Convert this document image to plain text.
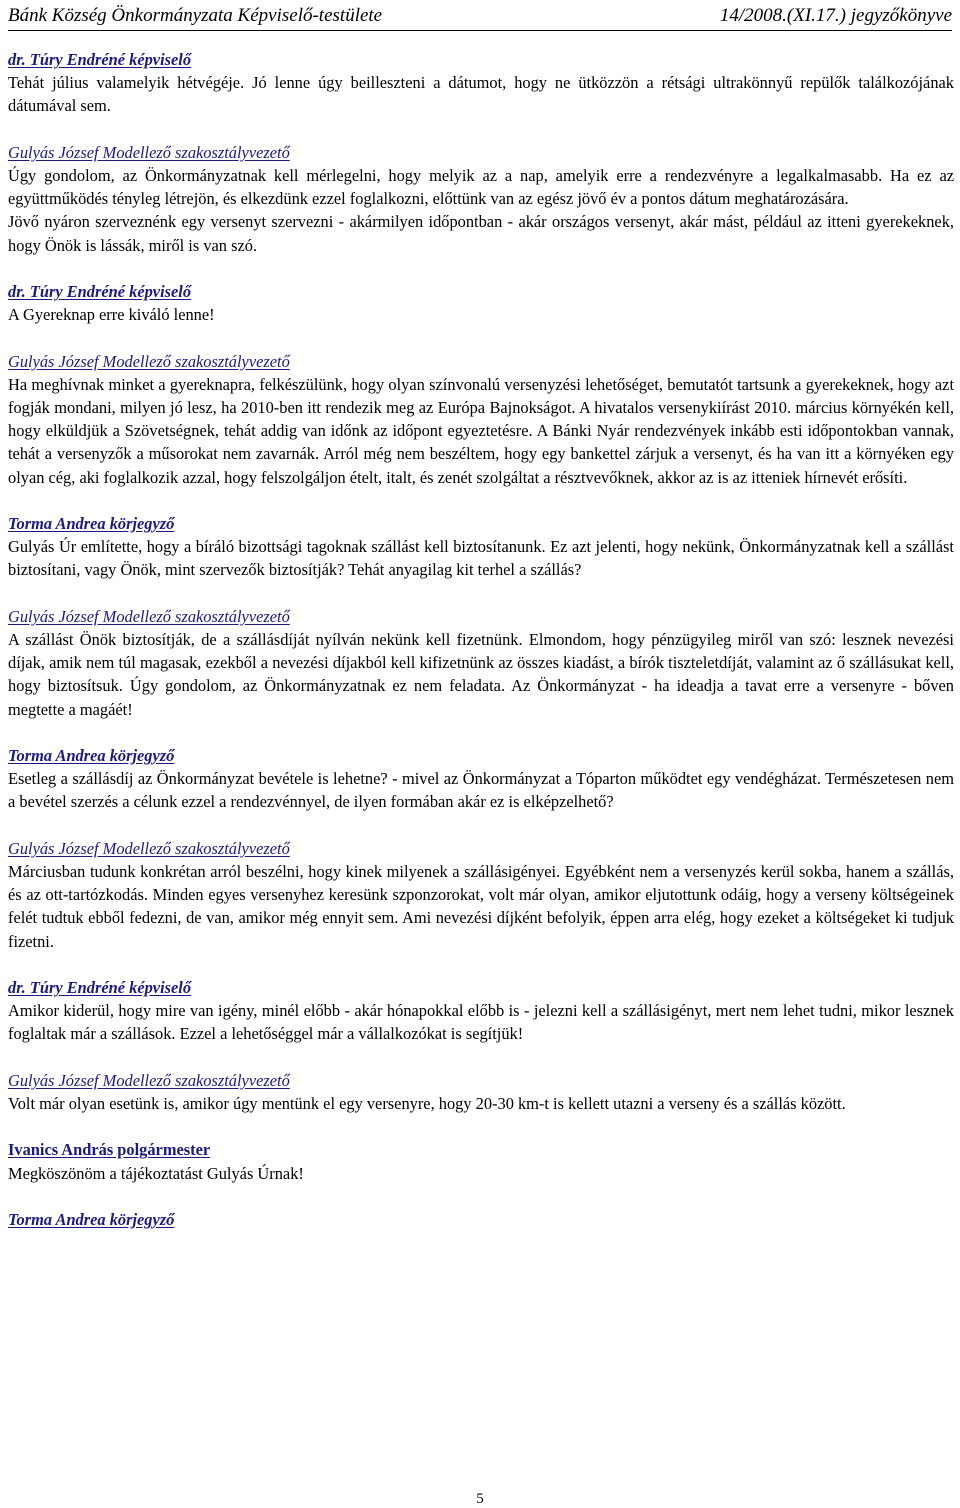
Bánk Község Önkormányzata Képviselő-testülete	14/2008.(XI.17.) jegyzőkönyve
dr. Túry Endréné képviselő
Tehát július valamelyik hétvégéje. Jó lenne úgy beilleszteni a dátumot, hogy ne ütközzön a rétsági ultrakönnyű repülők találkozójának dátumával sem.
Gulyás József Modellező szakosztályvezető
Úgy gondolom, az Önkormányzatnak kell mérlegelni, hogy melyik az a nap, amelyik erre a rendezvényre a legalkalmasabb. Ha ez az együttműködés tényleg létrejön, és elkezdünk ezzel foglalkozni, előttünk van az egész jövő év a pontos dátum meghatározására.
Jövő nyáron szerveznénk egy versenyt szervezni - akármilyen időpontban - akár országos versenyt, akár mást, például az itteni gyerekeknek, hogy Önök is lássák, miről is van szó.
dr. Túry Endréné képviselő
A Gyereknap erre kiváló lenne!
Gulyás József Modellező szakosztályvezető
Ha meghívnak minket a gyereknapra, felkészülünk, hogy olyan színvonalú versenyzési lehetőséget, bemutatót tartsunk a gyerekeknek, hogy azt fogják mondani, milyen jó lesz, ha 2010-ben itt rendezik meg az Európa Bajnokságot. A hivatalos versenykiírást 2010. március környékén kell, hogy elküldjük a Szövetségnek, tehát addig van időnk az időpont egyeztetésre. A Bánki Nyár rendezvények inkább esti időpontokban vannak, tehát a versenyzők a műsorokat nem zavarnák. Arról még nem beszéltem, hogy egy bankettel zárjuk a versenyt, és ha van itt a környéken egy olyan cég, aki foglalkozik azzal, hogy felszolgáljon ételt, italt, és zenét szolgáltat a résztvevőknek, akkor az is az itteniek hírnevét erősíti.
Torma Andrea körjegyző
Gulyás Úr említette, hogy a bíráló bizottsági tagoknak szállást kell biztosítanunk. Ez azt jelenti, hogy nekünk, Önkormányzatnak kell a szállást biztosítani, vagy Önök, mint szervezők biztosítják? Tehát anyagilag kit terhel a szállás?
Gulyás József Modellező szakosztályvezető
A szállást Önök biztosítják, de a szállásdíját nyílván nekünk kell fizetnünk. Elmondom, hogy pénzügyileg miről van szó: lesznek nevezési díjak, amik nem túl magasak, ezekből a nevezési díjakból kell kifizetnünk az összes kiadást, a bírók tiszteletdíját, valamint az ő szállásukat kell, hogy biztosítsuk. Úgy gondolom, az Önkormányzatnak ez nem feladata. Az Önkormányzat - ha ideadja a tavat erre a versenyre - bőven megtette a magáét!
Torma Andrea körjegyző
Esetleg a szállásdíj az Önkormányzat bevétele is lehetne? - mivel az Önkormányzat a Tóparton működtet egy vendégházat. Természetesen nem a bevétel szerzés a célunk ezzel a rendezvénnyel, de ilyen formában akár ez is elképzelhető?
Gulyás József Modellező szakosztályvezető
Márciusban tudunk konkrétan arról beszélni, hogy kinek milyenek a szállásigényei. Egyébként nem a versenyzés kerül sokba, hanem a szállás, és az ott-tartózkodás. Minden egyes versenyhez keresünk szponzorokat, volt már olyan, amikor eljutottunk odáig, hogy a verseny költségeinek felét tudtuk ebből fedezni, de van, amikor még ennyit sem. Ami nevezési díjként befolyik, éppen arra elég, hogy ezeket a költségeket ki tudjuk fizetni.
dr. Túry Endréné képviselő
Amikor kiderül, hogy mire van igény, minél előbb - akár hónapokkal előbb is - jelezni kell a szállásigényt, mert nem lehet tudni, mikor lesznek foglaltak már a szállások. Ezzel a lehetőséggel már a vállalkozókat is segítjük!
Gulyás József Modellező szakosztályvezető
Volt már olyan esetünk is, amikor úgy mentünk el egy versenyre, hogy 20-30 km-t is kellett utazni a verseny és a szállás között.
Ivanics András polgármester
Megköszönöm a tájékoztatást Gulyás Úrnak!
Torma Andrea körjegyző
5
